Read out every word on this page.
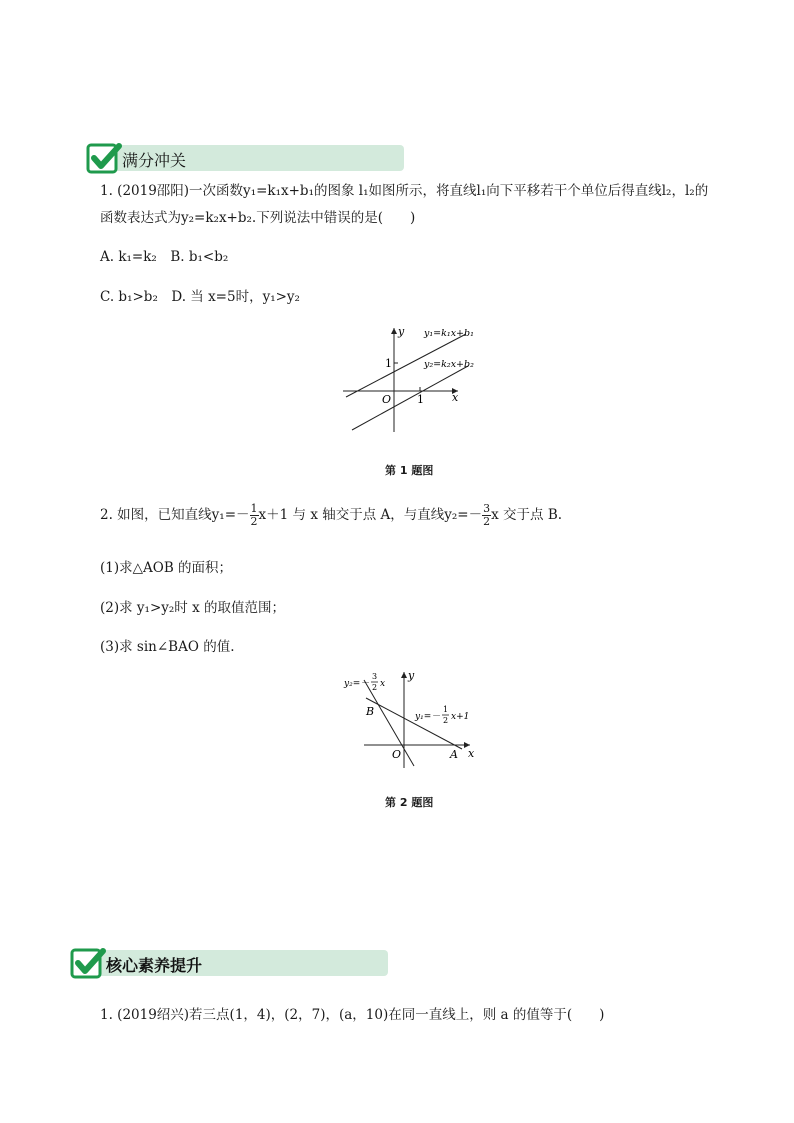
满分冲关
1. (2019邵阳)一次函数y₁=k₁x+b₁的图象 l₁如图所示，将直线l₁向下平移若干个单位后得直线l₂，l₂的
函数表达式为y₂=k₂x+b₂.下列说法中错误的是(　　)
A. k₁=k₂　B. b₁<b₂
C. b₁>b₂　D. 当 x=5时，y₁>y₂
y
x
O
1
1
y₁=k₁x+b₁
y₂=k₂x+b₂
第 1 题图
2. 如图，已知直线$y_1=- \frac{1}{2} x+1$ 与 x 轴交于点 A，与直线$y_2=- \frac{3}{2}$ x 交于点 B.
(1)求△AOB 的面积；
(2)求 y₁>y₂时 x 的取值范围；
(3)求 sin∠BAO 的值.
y
x
O	A
B
y₂=－
3
2 x
y₁=－
1
2 x+1
第 2 题图
核心素养提升
1. (2019绍兴)若三点(1，4)，(2，7)，(a，10)在同一直线上，则 a 的值等于(　　)
